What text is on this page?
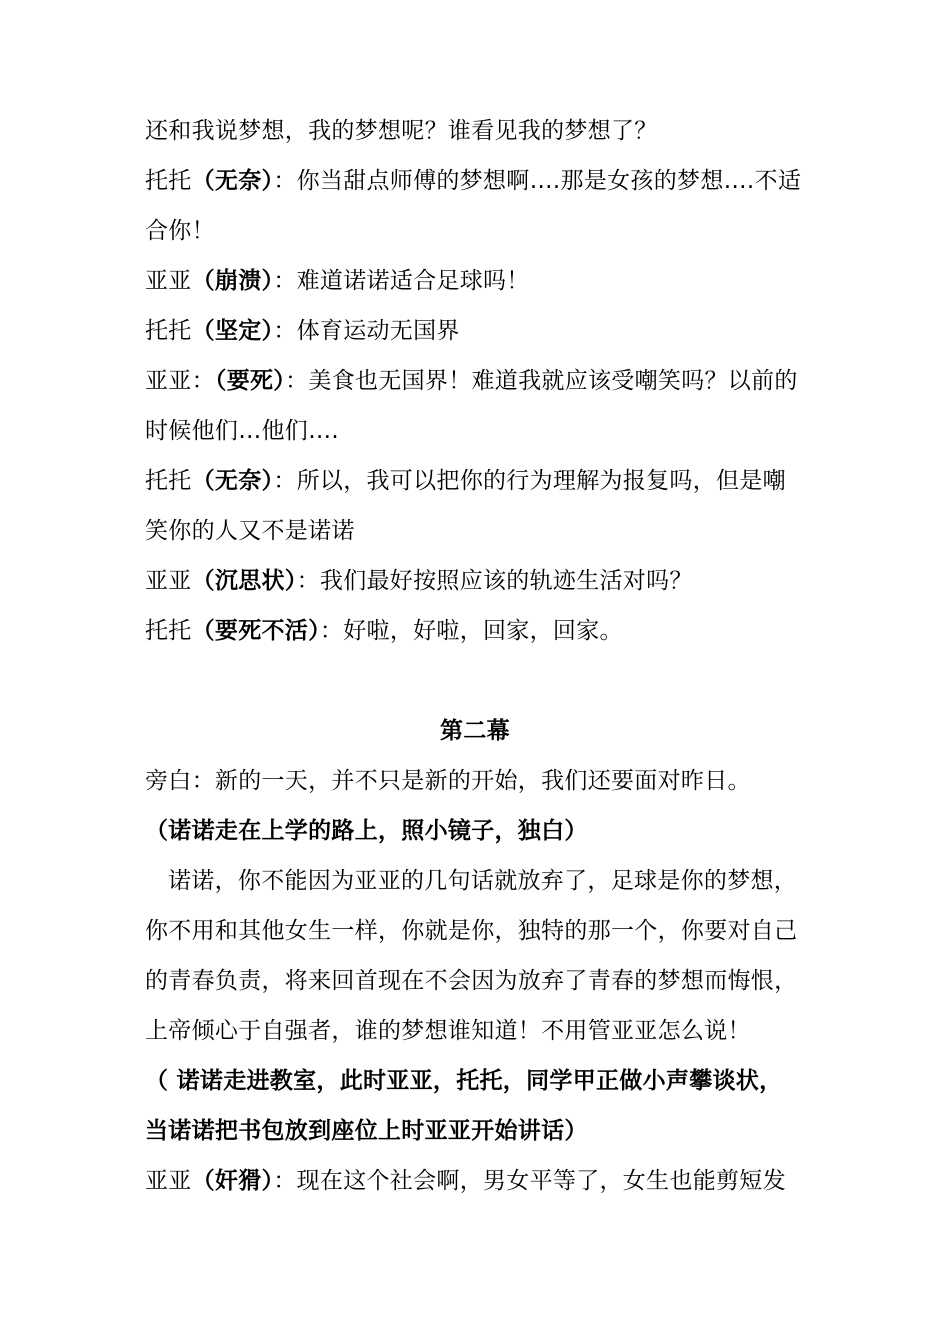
还和我说梦想，我的梦想呢？谁看见我的梦想了？
托托（无奈）：你当甜点师傅的梦想啊….那是女孩的梦想….不适
合你！
亚亚（崩溃）：难道诺诺适合足球吗！
托托（坚定）：体育运动无国界
亚亚：（要死）：美食也无国界！难道我就应该受嘲笑吗？以前的
时候他们…他们….
托托（无奈）：所以，我可以把你的行为理解为报复吗，但是嘲
笑你的人又不是诺诺
亚亚（沉思状）：我们最好按照应该的轨迹生活对吗？
托托（要死不活）：好啦，好啦，回家，回家。
第二幕
旁白：新的一天，并不只是新的开始，我们还要面对昨日。
（诺诺走在上学的路上，照小镜子，独白）
诺诺，你不能因为亚亚的几句话就放弃了，足球是你的梦想，
你不用和其他女生一样，你就是你，独特的那一个，你要对自己
的青春负责，将来回首现在不会因为放弃了青春的梦想而悔恨，
上帝倾心于自强者，谁的梦想谁知道！不用管亚亚怎么说！
（ 诺诺走进教室，此时亚亚，托托，同学甲正做小声攀谈状，
当诺诺把书包放到座位上时亚亚开始讲话）
亚亚（奸猾）：现在这个社会啊，男女平等了，女生也能剪短发
